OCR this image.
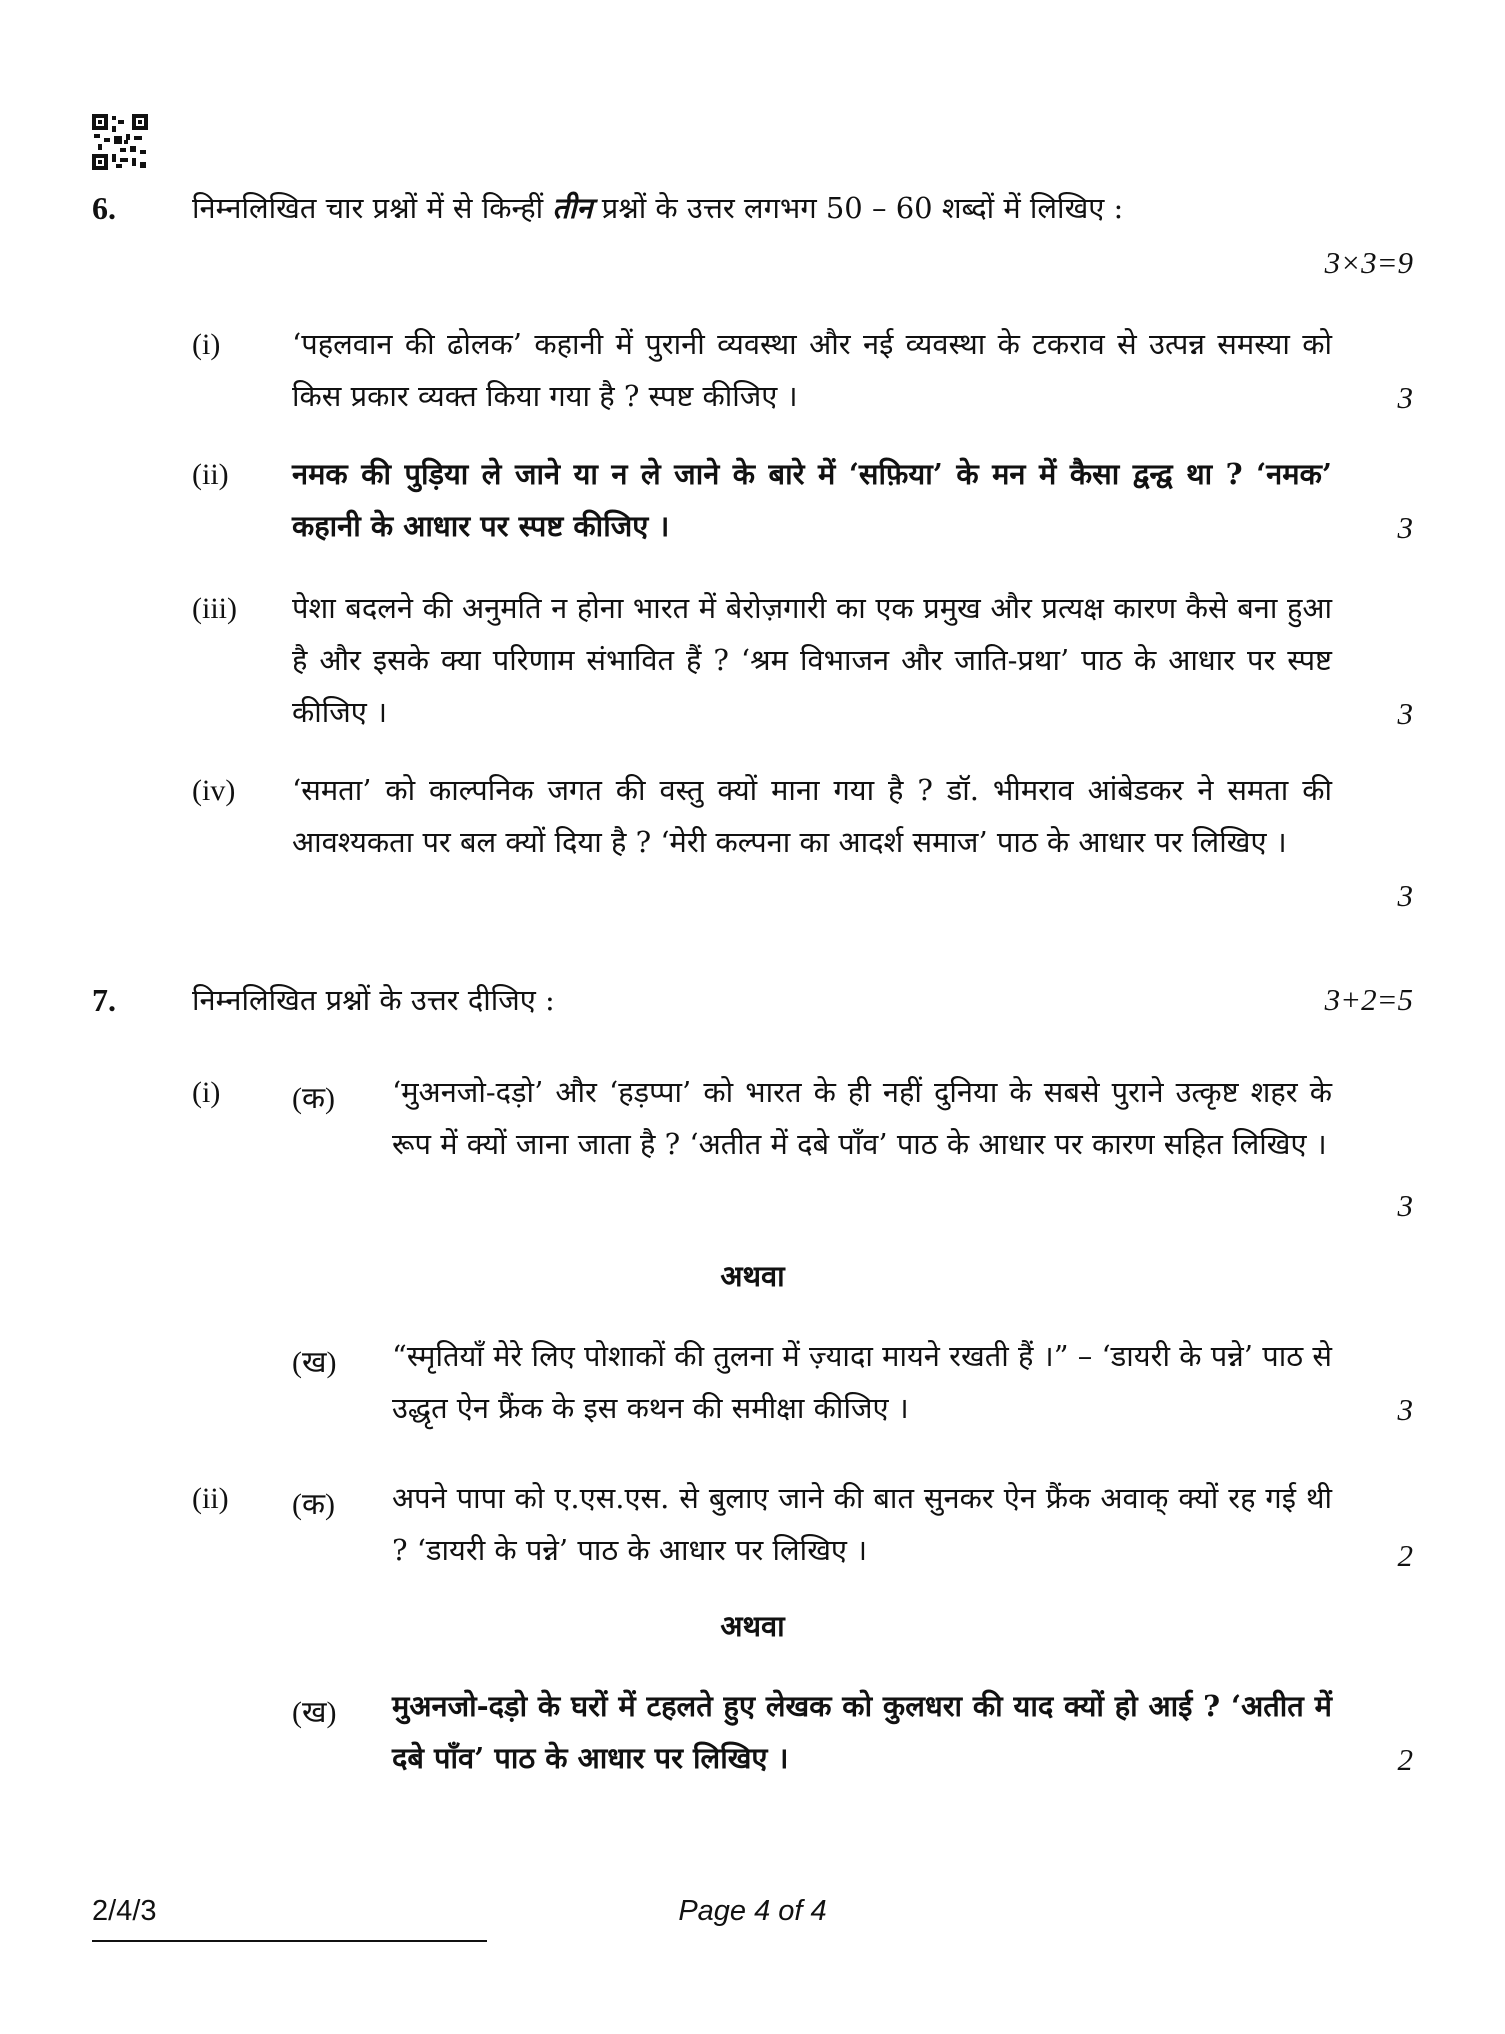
6.	निम्नलिखित चार प्रश्नों में से किन्हीं तीन प्रश्नों के उत्तर लगभग 50 – 60 शब्दों में लिखिए :
3×3=9
(i) ‘पहलवान की ढोलक’ कहानी में पुरानी व्यवस्था और नई व्यवस्था के टकराव से उत्पन्न समस्या को किस प्रकार व्यक्त किया गया है ? स्पष्ट कीजिए ।	3
(ii) नमक की पुड़िया ले जाने या न ले जाने के बारे में ‘सफ़िया’ के मन में कैसा द्वन्द्व था ? ‘नमक’ कहानी के आधार पर स्पष्ट कीजिए ।	3
(iii) पेशा बदलने की अनुमति न होना भारत में बेरोज़गारी का एक प्रमुख और प्रत्यक्ष कारण कैसे बना हुआ है और इसके क्या परिणाम संभावित हैं ? ‘श्रम विभाजन और जाति-प्रथा’ पाठ के आधार पर स्पष्ट कीजिए ।	3
(iv) ‘समता’ को काल्पनिक जगत की वस्तु क्यों माना गया है ? डॉ. भीमराव आंबेडकर ने समता की आवश्यकता पर बल क्यों दिया है ? ‘मेरी कल्पना का आदर्श समाज’ पाठ के आधार पर लिखिए ।
3
7.	निम्नलिखित प्रश्नों के उत्तर दीजिए :	3+2=5
(i) (क) ‘मुअनजो-दड़ो’ और ‘हड़प्पा’ को भारत के ही नहीं दुनिया के सबसे पुराने उत्कृष्ट शहर के रूप में क्यों जाना जाता है ? ‘अतीत में दबे पाँव’ पाठ के आधार पर कारण सहित लिखिए ।
3
अथवा
(ख) “स्मृतियाँ मेरे लिए पोशाकों की तुलना में ज़्यादा मायने रखती हैं ।” – ‘डायरी के पन्ने’ पाठ से उद्धृत ऐन फ्रैंक के इस कथन की समीक्षा कीजिए ।	3
(ii) (क) अपने पापा को ए.एस.एस. से बुलाए जाने की बात सुनकर ऐन फ्रैंक अवाक् क्यों रह गई थी ? ‘डायरी के पन्ने’ पाठ के आधार पर लिखिए ।	2
अथवा
(ख) मुअनजो-दड़ो के घरों में टहलते हुए लेखक को कुलधरा की याद क्यों हो आई ? ‘अतीत में दबे पाँव’ पाठ के आधार पर लिखिए ।	2
2/4/3	Page 4 of 4
